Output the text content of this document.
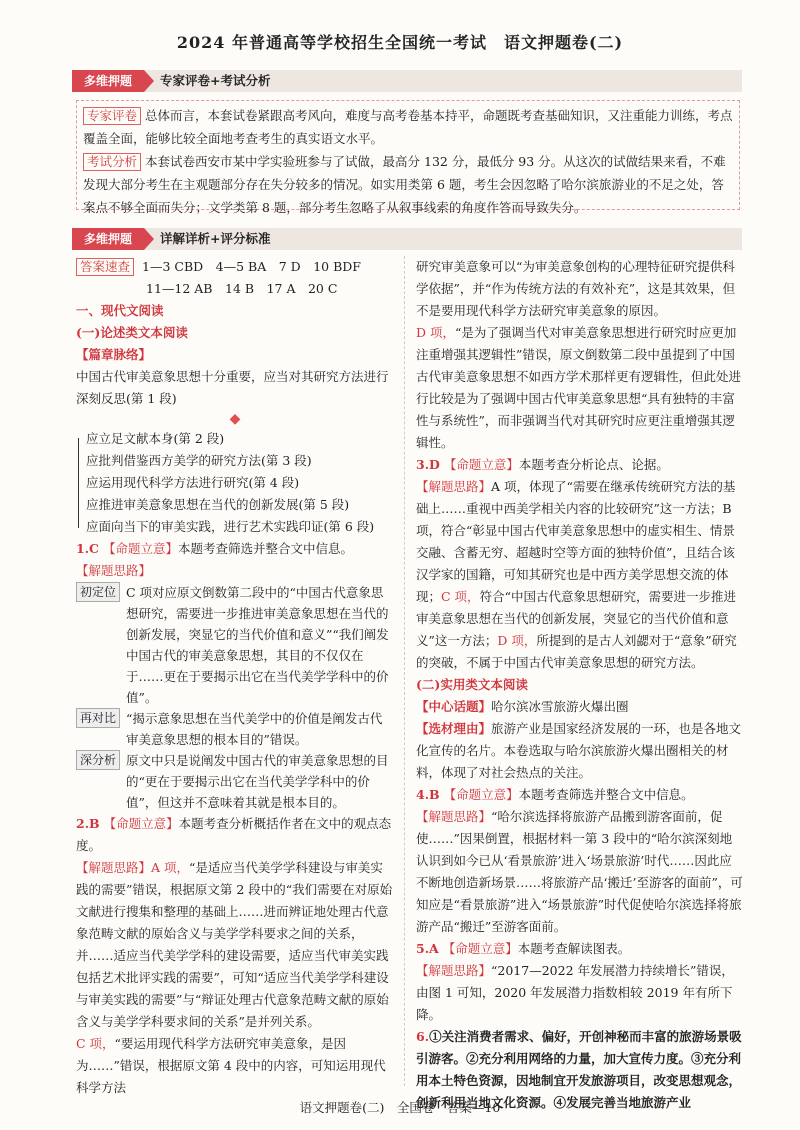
2024 年普通高等学校招生全国统一考试　语文押题卷(二)
多维押题	专家评卷+考试分析
专家评卷 总体而言，本套试卷紧跟高考风向，难度与高考卷基本持平，命题既考查基础知识，又注重能力训练，考点覆盖全面，能够比较全面地考查考生的真实语文水平。
考试分析 本套试卷西安市某中学实验班参与了试做，最高分 132 分，最低分 93 分。从这次的试做结果来看，不难发现大部分考生在主观题部分存在失分较多的情况。如实用类第 6 题，考生会因忽略了哈尔滨旅游业的不足之处，答案点不够全面而失分；文学类第 8 题，部分考生忽略了从叙事线索的角度作答而导致失分。
多维押题	详解详析+评分标准
答案速查 1—3 CBD　4—5 BA　7 D　10 BDF
11—12 AB　14 B　17 A　20 C
一、现代文阅读
(一)论述类文本阅读
【篇章脉络】
中国古代审美意象思想十分重要，应当对其研究方法进行深刻反思(第 1 段)
◆
应立足文献本身(第 2 段)
应批判借鉴西方美学的研究方法(第 3 段)
应运用现代科学方法进行研究(第 4 段)
应推进审美意象思想在当代的创新发展(第 5 段)
应面向当下的审美实践，进行艺术实践印证(第 6 段)
1.C 【命题立意】本题考查筛选并整合文中信息。
【解题思路】
初定位 C 项对应原文倒数第二段中的“中国古代意象思想研究，需要进一步推进审美意象思想在当代的创新发展，突显它的当代价值和意义”“我们阐发中国古代的审美意象思想，其目的不仅仅在于……更在于要揭示出它在当代美学学科中的价值”。
再对比 “揭示意象思想在当代美学中的价值是阐发古代审美意象思想的根本目的”错误。
深分析 原文中只是说阐发中国古代的审美意象思想的目的“更在于要揭示出它在当代美学学科中的价值”，但这并不意味着其就是根本目的。
2.B 【命题立意】本题考查分析概括作者在文中的观点态度。
【解题思路】A 项，“是适应当代美学学科建设与审美实践的需要”错误，根据原文第 2 段中的“我们需要在对原始文献进行搜集和整理的基础上……进而辨证地处理古代意象范畴文献的原始含义与美学学科要求之间的关系，并……适应当代美学学科的建设需要，适应当代审美实践包括艺术批评实践的需要”，可知“适应当代美学学科建设与审美实践的需要”与“辩证处理古代意象范畴文献的原始含义与美学学科要求间的关系”是并列关系。
C 项，“要运用现代科学方法研究审美意象，是因为……”错误，根据原文第 4 段中的内容，可知运用现代科学方法
研究审美意象可以“为审美意象创构的心理特征研究提供科学依据”，并“作为传统方法的有效补充”，这是其效果，但不是要用现代科学方法研究审美意象的原因。
D 项，“是为了强调当代对审美意象思想进行研究时应更加注重增强其逻辑性”错误，原文倒数第二段中虽提到了中国古代审美意象思想不如西方学术那样更有逻辑性，但此处进行比较是为了强调中国古代审美意象思想“具有独特的丰富性与系统性”，而非强调当代对其研究时应更注重增强其逻辑性。
3.D 【命题立意】本题考查分析论点、论据。
【解题思路】A 项，体现了“需要在继承传统研究方法的基础上……重视中西美学相关内容的比较研究”这一方法；B 项，符合“彰显中国古代审美意象思想中的虚实相生、情景交融、含蓄无穷、超越时空等方面的独特价值”，且结合该汉学家的国籍，可知其研究也是中西方美学思想交流的体现；C 项，符合“中国古代意象思想研究，需要进一步推进审美意象思想在当代的创新发展，突显它的当代价值和意义”这一方法；D 项，所提到的是古人刘勰对于“意象”研究的突破，不属于中国古代审美意象思想的研究方法。
(二)实用类文本阅读
【中心话题】哈尔滨冰雪旅游火爆出圈
【选材理由】旅游产业是国家经济发展的一环，也是各地文化宣传的名片。本卷选取与哈尔滨旅游火爆出圈相关的材料，体现了对社会热点的关注。
4.B 【命题立意】本题考查筛选并整合文中信息。
【解题思路】“哈尔滨选择将旅游产品搬到游客面前，促使……”因果倒置，根据材料一第 3 段中的“哈尔滨深刻地认识到如今已从‘看景旅游’进入‘场景旅游’时代……因此应不断地创造新场景……将旅游产品‘搬迁’至游客的面前”，可知应是“看景旅游”进入“场景旅游”时代促使哈尔滨选择将旅游产品“搬迁”至游客面前。
5.A 【命题立意】本题考查解读图表。
【解题思路】“2017—2022 年发展潜力持续增长”错误，由图 1 可知，2020 年发展潜力指数相较 2019 年有所下降。
6.①关注消费者需求、偏好，开创神秘而丰富的旅游场景吸引游客。②充分利用网络的力量，加大宣传力度。③充分利用本土特色资源，因地制宜开发旅游项目，改变思想观念，创新利用当地文化资源。④发展完善当地旅游产业
语文押题卷(二)　全国卷　答案—10
